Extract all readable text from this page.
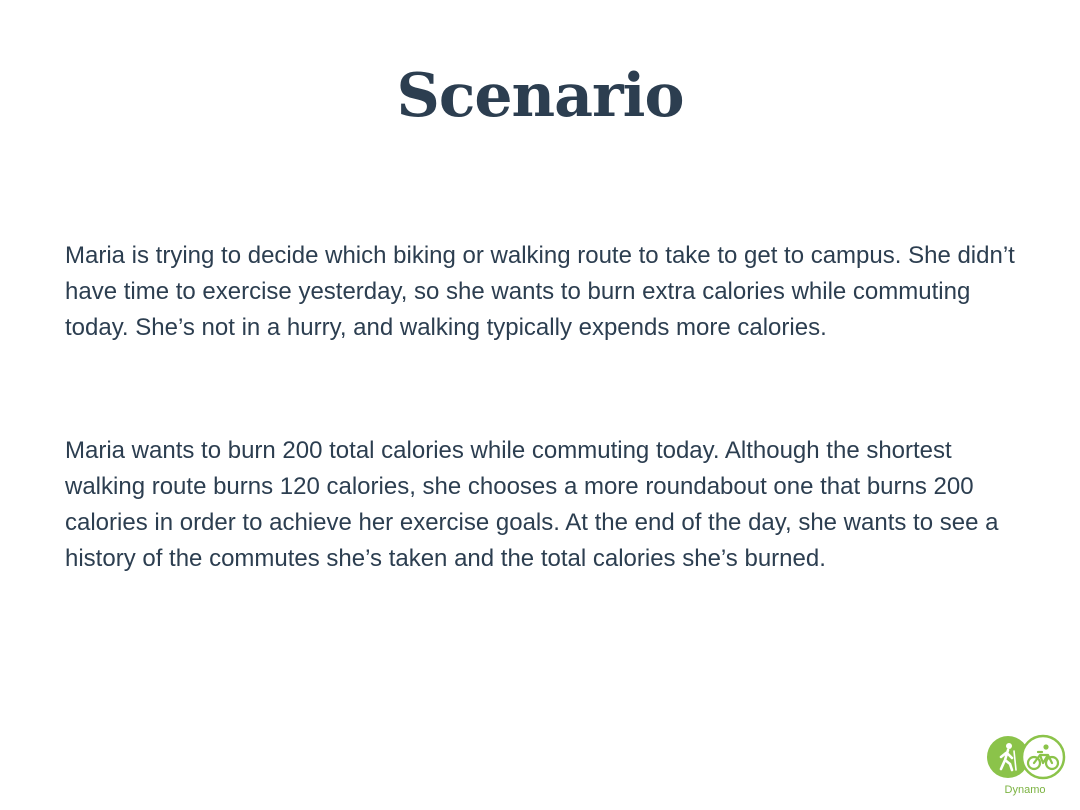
Scenario

Maria is trying to decide which biking or walking route to take to get to campus. She didn’t have time to exercise yesterday, so she wants to burn extra calories while commuting today. She’s not in a hurry, and walking typically expends more calories.

Maria wants to burn 200 total calories while commuting today. Although the shortest walking route burns 120 calories, she chooses a more roundabout one that burns 200 calories in order to achieve her exercise goals. At the end of the day, she wants to see a history of the commutes she’s taken and the total calories she’s burned.

Dynamo
